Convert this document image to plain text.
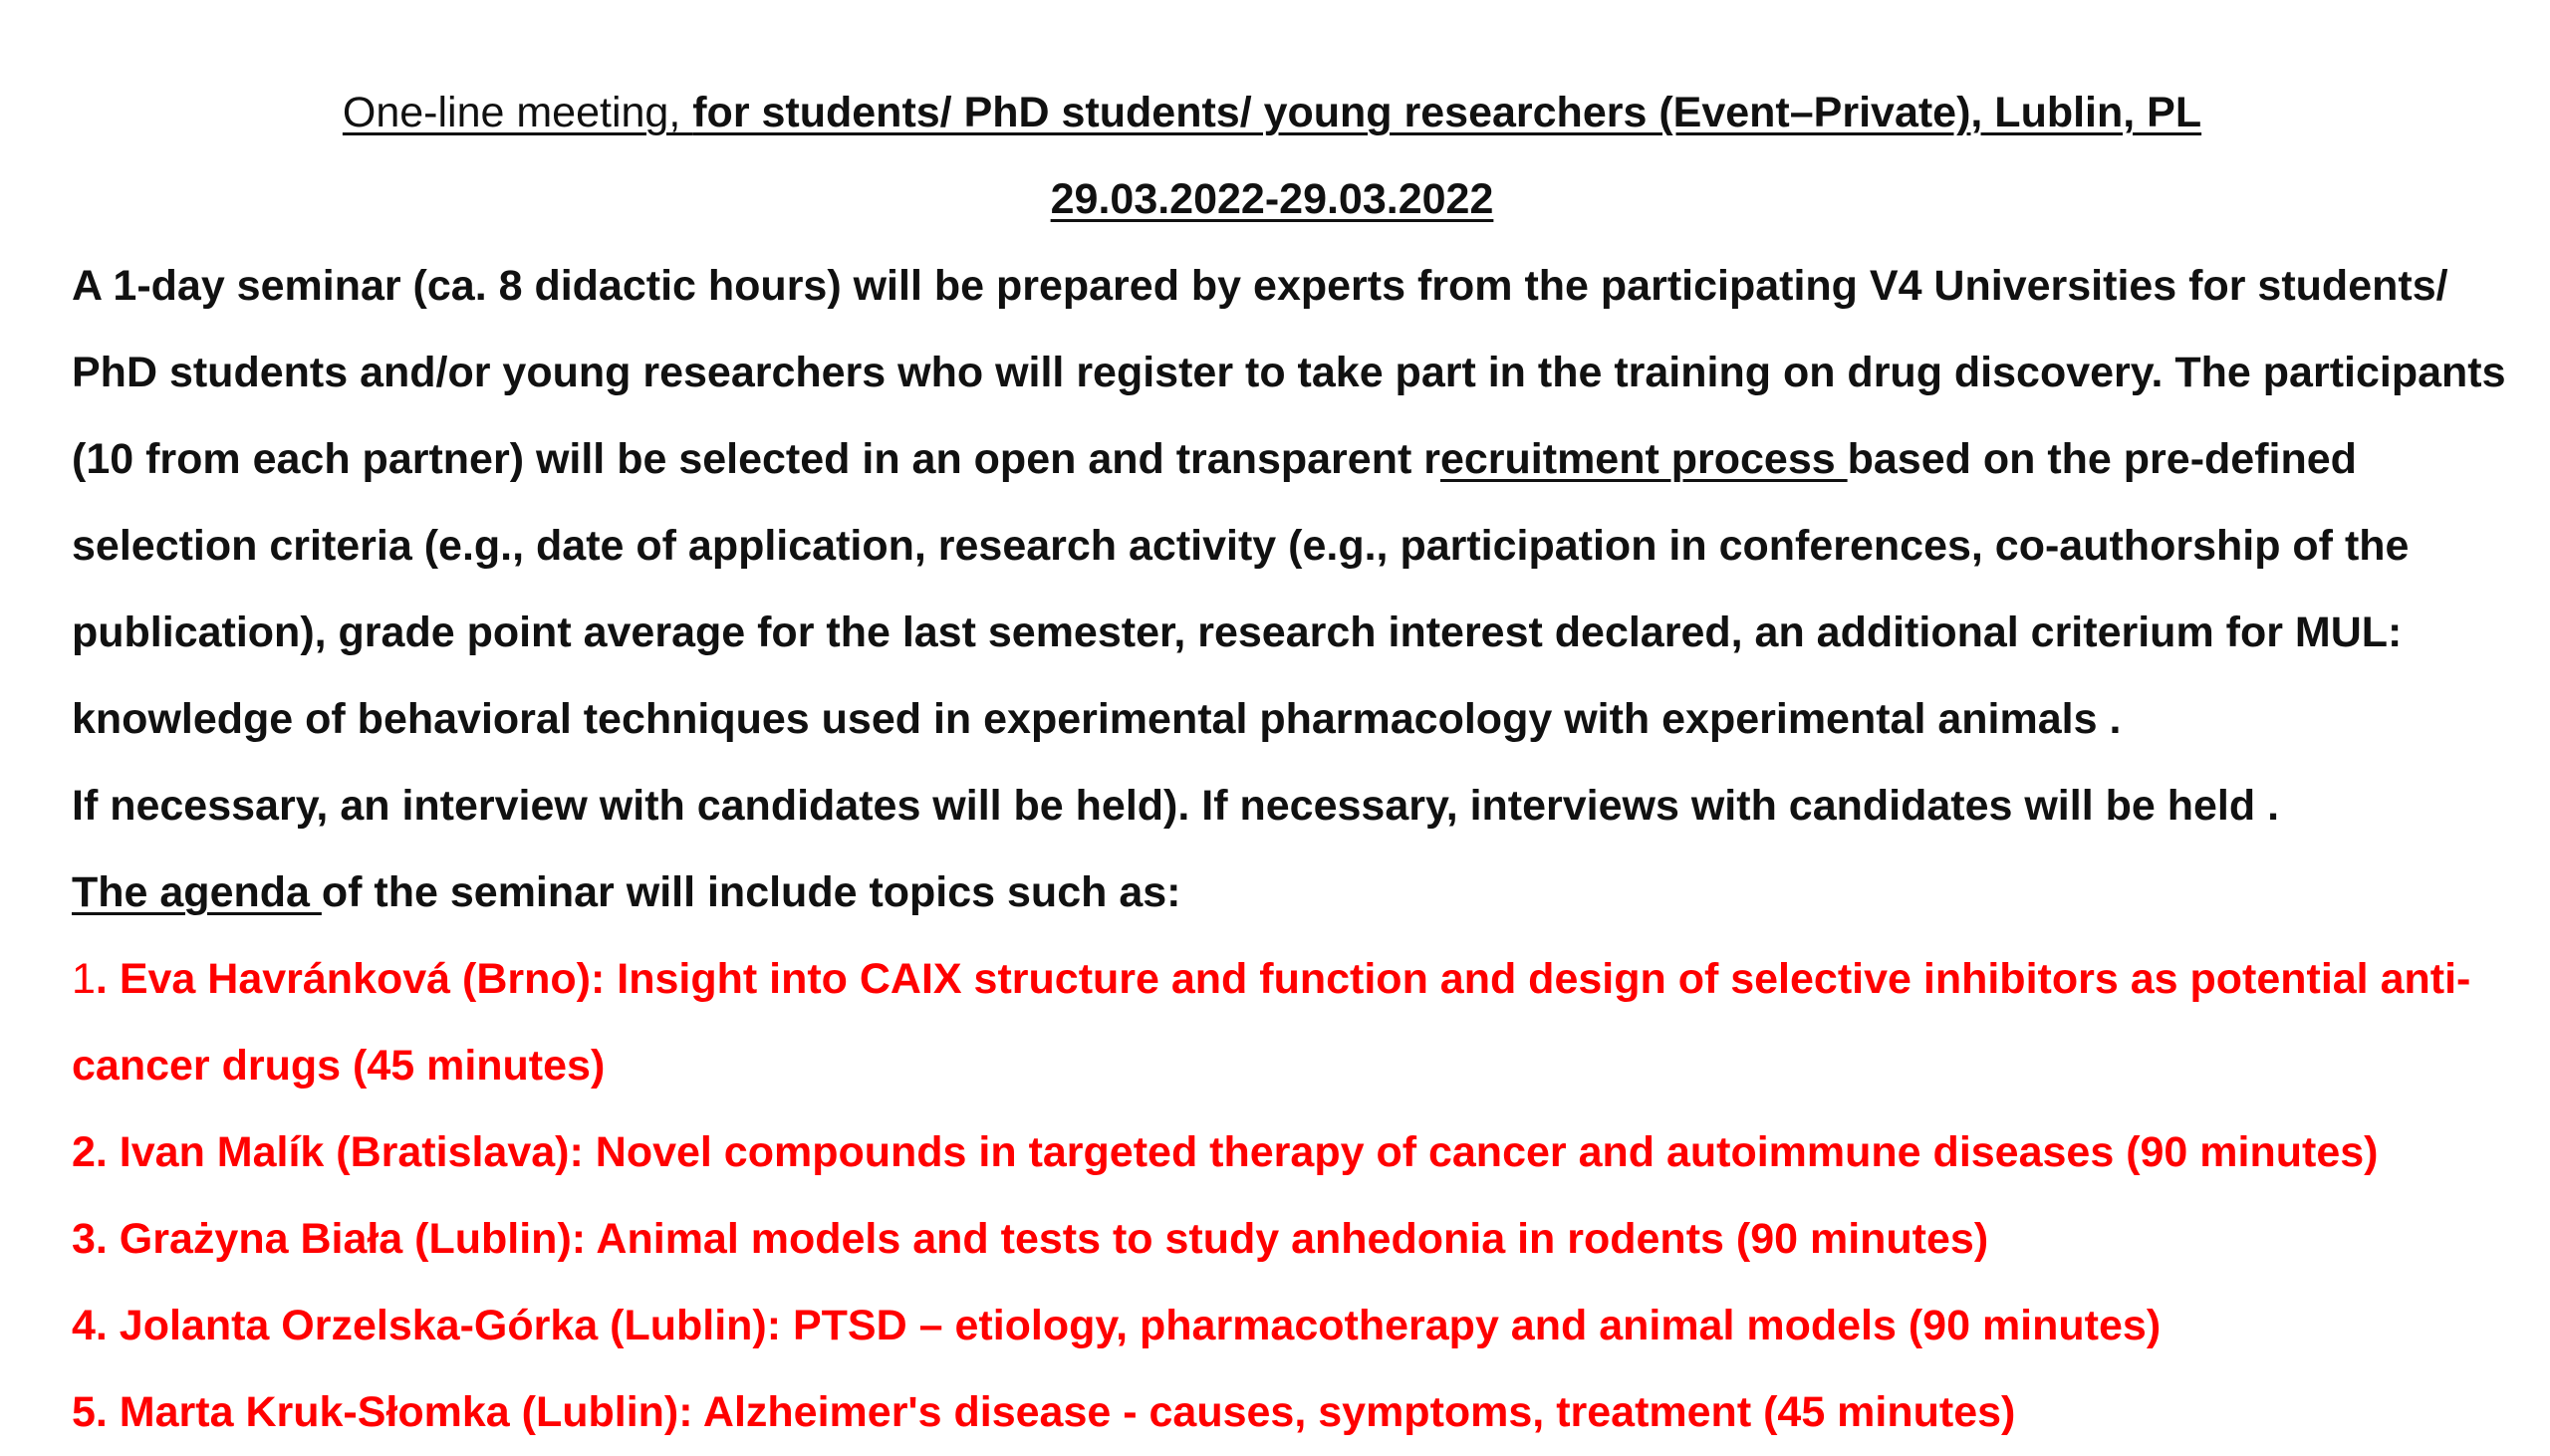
One-line meeting, for students/ PhD students/ young researchers (Event–Private), Lublin, PL
29.03.2022-29.03.2022
A 1-day seminar (ca. 8 didactic hours) will be prepared by experts from the participating V4 Universities for students/
PhD students and/or young researchers who will register to take part in the training on drug discovery. The participants
(10 from each partner) will be selected in an open and transparent recruitment process based on the pre-defined
selection criteria (e.g., date of application, research activity (e.g., participation in conferences, co-authorship of the
publication), grade point average for the last semester, research interest declared, an additional criterium for MUL:
knowledge of behavioral techniques used in experimental pharmacology with experimental animals .
If necessary, an interview with candidates will be held). If necessary, interviews with candidates will be held .
The agenda of the seminar will include topics such as:
1. Eva Havránková (Brno): Insight into CAIX structure and function and design of selective inhibitors as potential anti-
cancer drugs (45 minutes)
2. Ivan Malík (Bratislava): Novel compounds in targeted therapy of cancer and autoimmune diseases (90 minutes)
3. Grażyna Biała (Lublin): Animal models and tests to study anhedonia in rodents (90 minutes)
4. Jolanta Orzelska-Górka (Lublin): PTSD – etiology, pharmacotherapy and animal models (90 minutes)
5. Marta Kruk-Słomka (Lublin): Alzheimer's disease - causes, symptoms, treatment (45 minutes)
